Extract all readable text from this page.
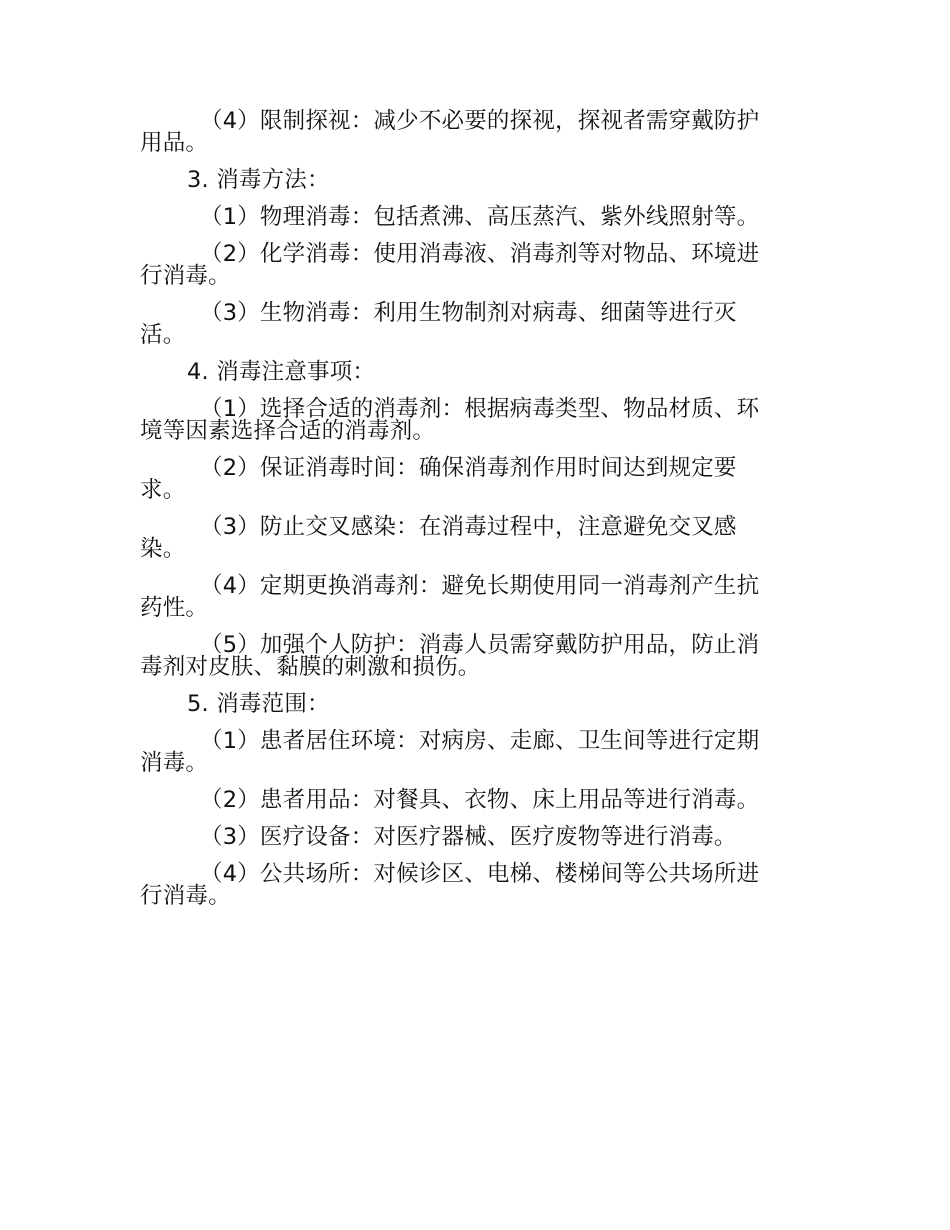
（4）限制探视：减少不必要的探视，探视者需穿戴防护
用品。
3. 消毒方法：
（1）物理消毒：包括煮沸、高压蒸汽、紫外线照射等。
（2）化学消毒：使用消毒液、消毒剂等对物品、环境进
行消毒。
（3）生物消毒：利用生物制剂对病毒、细菌等进行灭
活。
4. 消毒注意事项：
（1）选择合适的消毒剂：根据病毒类型、物品材质、环
境等因素选择合适的消毒剂。
（2）保证消毒时间：确保消毒剂作用时间达到规定要
求。
（3）防止交叉感染：在消毒过程中，注意避免交叉感
染。
（4）定期更换消毒剂：避免长期使用同一消毒剂产生抗
药性。
（5）加强个人防护：消毒人员需穿戴防护用品，防止消
毒剂对皮肤、黏膜的刺激和损伤。
5. 消毒范围：
（1）患者居住环境：对病房、走廊、卫生间等进行定期
消毒。
（2）患者用品：对餐具、衣物、床上用品等进行消毒。
（3）医疗设备：对医疗器械、医疗废物等进行消毒。
（4）公共场所：对候诊区、电梯、楼梯间等公共场所进
行消毒。
